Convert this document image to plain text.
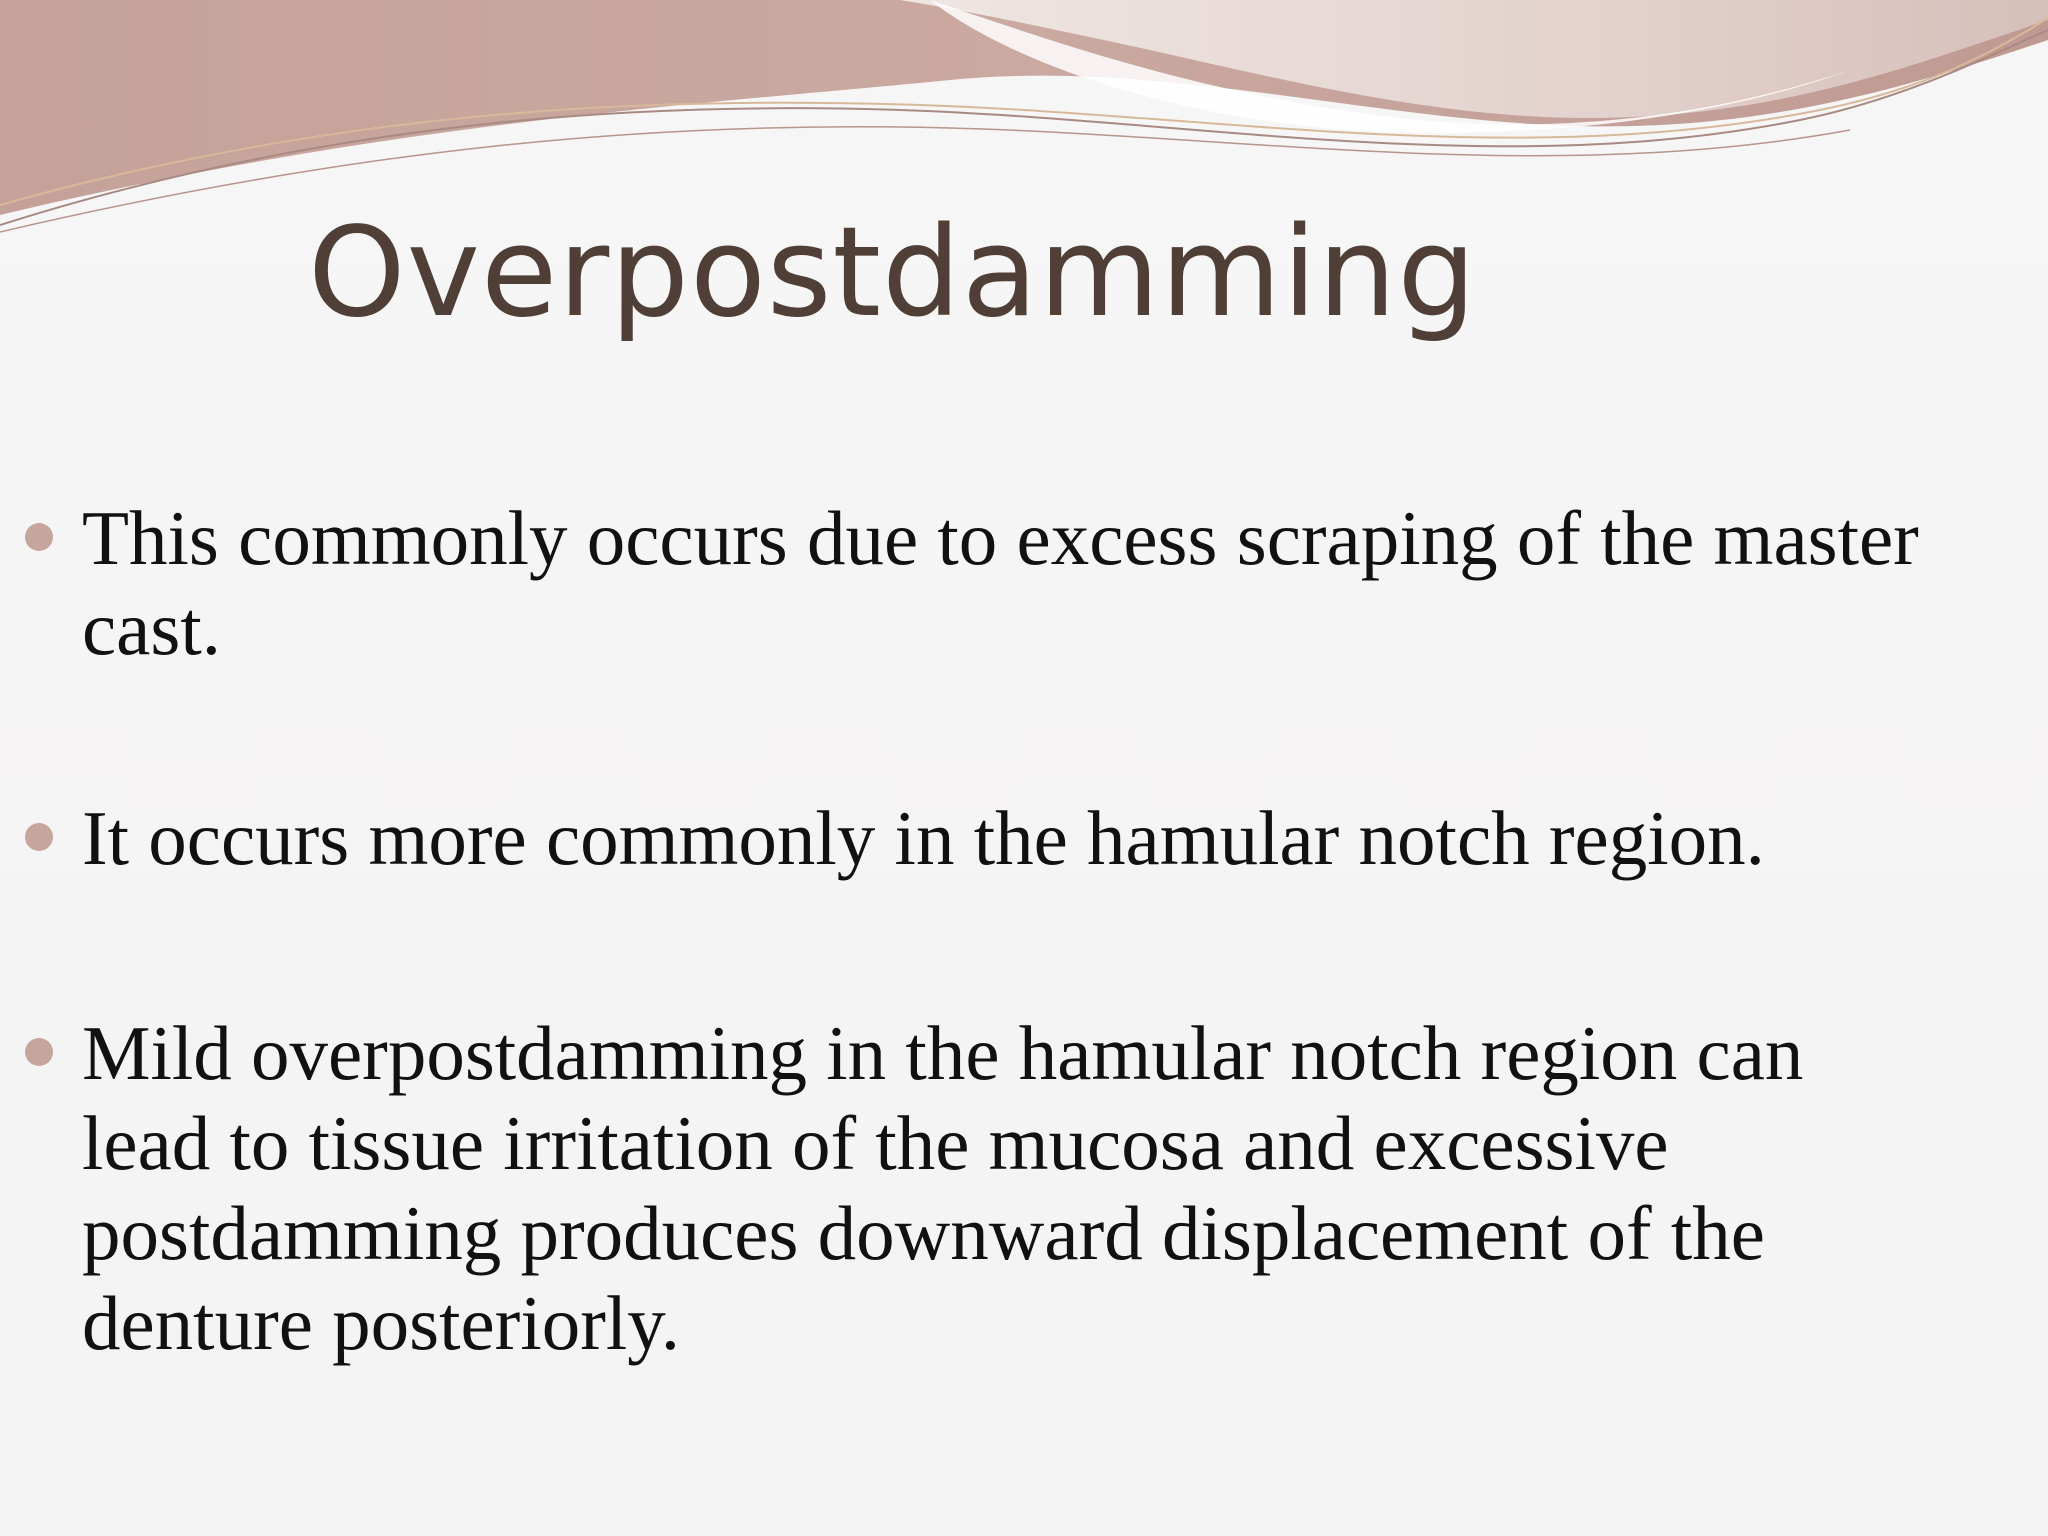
Overpostdamming

This commonly occurs due to excess scraping of the master
cast.

It occurs more commonly in the hamular notch region.

Mild overpostdamming in the hamular notch region can
lead to tissue irritation of the mucosa and excessive
postdamming produces downward displacement of the
denture posteriorly.
